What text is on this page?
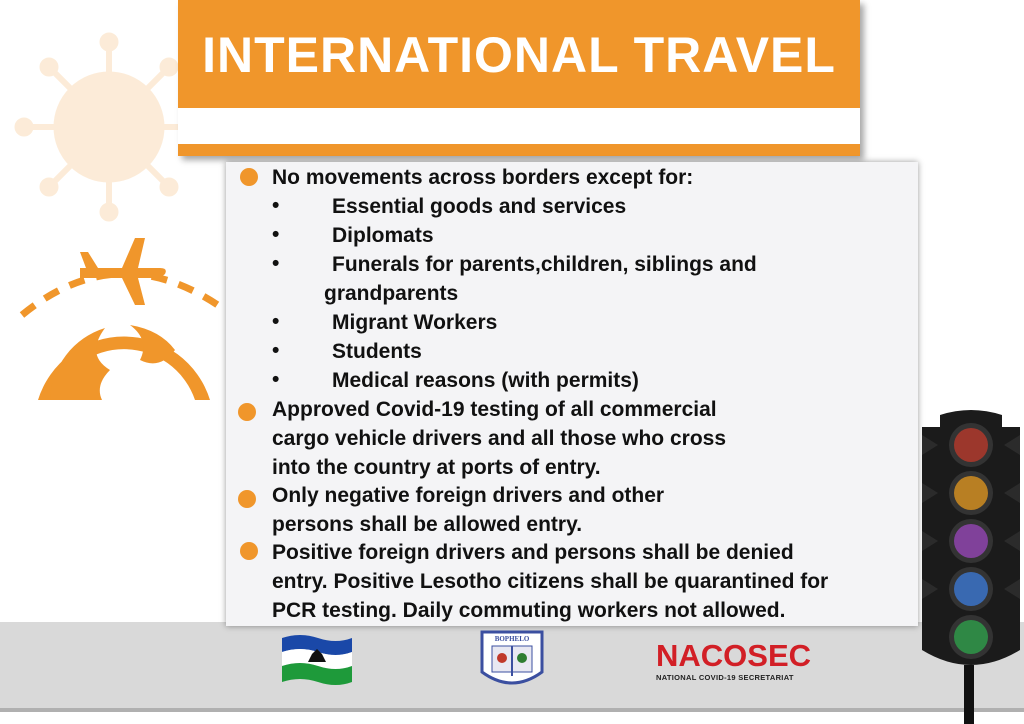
INTERNATIONAL TRAVEL
No movements across borders except for:
•	Essential goods and services
•	Diplomats
•	Funerals for parents,children, siblings and
grandparents
•	Migrant Workers
•	Students
•	Medical reasons (with permits)
Approved Covid-19 testing of all commercial
cargo vehicle drivers and all those who cross
into the country at ports of entry.
Only negative foreign drivers and other
persons shall be allowed entry.
Positive foreign drivers and persons shall be denied
entry. Positive Lesotho citizens shall be quarantined for
PCR testing. Daily commuting workers not allowed.
BOPHELO	NACOSEC
NATIONAL COVID-19 SECRETARIAT
